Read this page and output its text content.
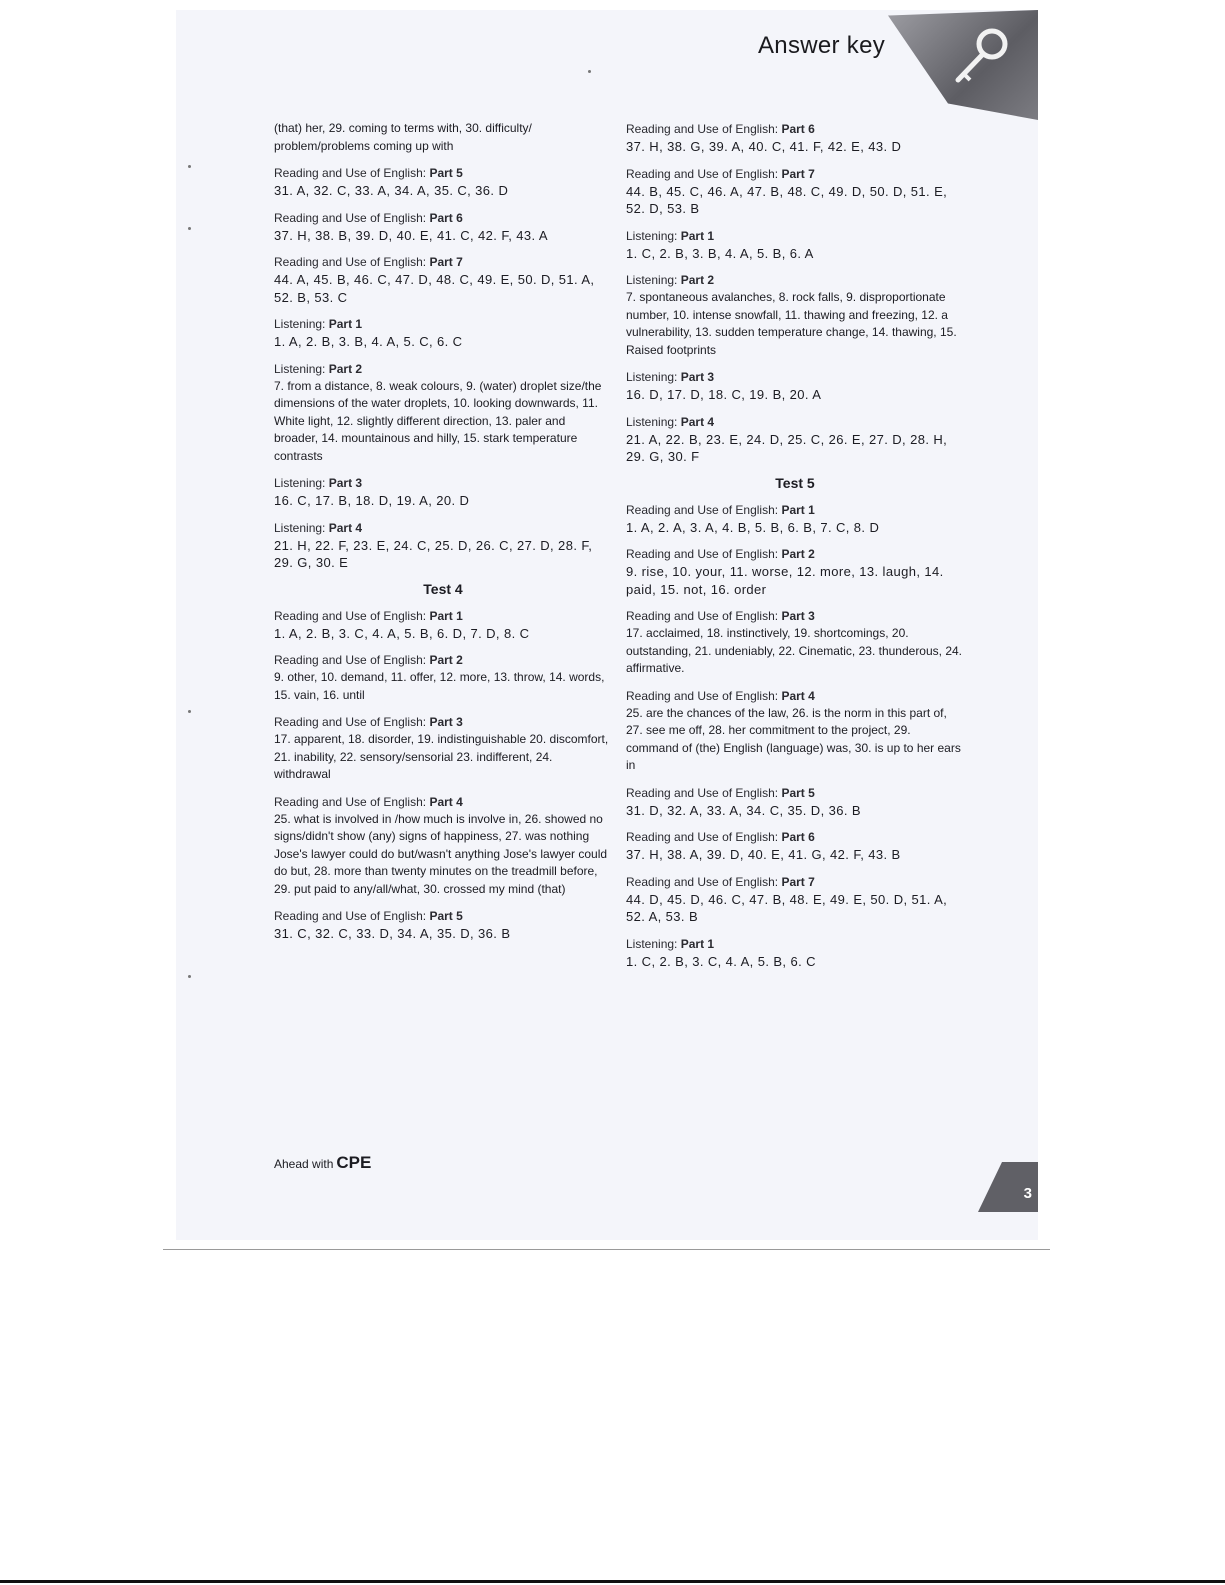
Answer key
(that) her, 29. coming to terms with, 30. difficulty/ problem/problems coming up with
Reading and Use of English: Part 5
31. A, 32. C, 33. A, 34. A, 35. C, 36. D
Reading and Use of English: Part 6
37. H, 38. B, 39. D, 40. E, 41. C, 42. F, 43. A
Reading and Use of English: Part 7
44. A, 45. B, 46. C, 47. D, 48. C, 49. E, 50. D, 51. A, 52. B, 53. C
Listening: Part 1
1. A, 2. B, 3. B, 4. A, 5. C, 6. C
Listening: Part 2
7. from a distance, 8. weak colours, 9. (water) droplet size/the dimensions of the water droplets, 10. looking downwards, 11. White light, 12. slightly different direction, 13. paler and broader, 14. mountainous and hilly, 15. stark temperature contrasts
Listening: Part 3
16. C, 17. B, 18. D, 19. A, 20. D
Listening: Part 4
21. H, 22. F, 23. E, 24. C, 25. D, 26. C, 27. D, 28. F, 29. G, 30. E
Test 4
Reading and Use of English: Part 1
1. A, 2. B, 3. C, 4. A, 5. B, 6. D, 7. D, 8. C
Reading and Use of English: Part 2
9. other, 10. demand, 11. offer, 12. more, 13. throw, 14. words, 15. vain, 16. until
Reading and Use of English: Part 3
17. apparent, 18. disorder, 19. indistinguishable 20. discomfort, 21. inability, 22. sensory/sensorial 23. indifferent, 24. withdrawal
Reading and Use of English: Part 4
25. what is involved in /how much is involve in, 26. showed no signs/didn't show (any) signs of happiness, 27. was nothing Jose's lawyer could do but/wasn't anything Jose's lawyer could do but, 28. more than twenty minutes on the treadmill before, 29. put paid to any/all/what, 30. crossed my mind (that)
Reading and Use of English: Part 5
31. C, 32. C, 33. D, 34. A, 35. D, 36. B
Reading and Use of English: Part 6
37. H, 38. G, 39. A, 40. C, 41. F, 42. E, 43. D
Reading and Use of English: Part 7
44. B, 45. C, 46. A, 47. B, 48. C, 49. D, 50. D, 51. E, 52. D, 53. B
Listening: Part 1
1. C, 2. B, 3. B, 4. A, 5. B, 6. A
Listening: Part 2
7. spontaneous avalanches, 8. rock falls, 9. disproportionate number, 10. intense snowfall, 11. thawing and freezing, 12. a vulnerability, 13. sudden temperature change, 14. thawing, 15. Raised footprints
Listening: Part 3
16. D, 17. D, 18. C, 19. B, 20. A
Listening: Part 4
21. A, 22. B, 23. E, 24. D, 25. C, 26. E, 27. D, 28. H, 29. G, 30. F
Test 5
Reading and Use of English: Part 1
1. A, 2. A, 3. A, 4. B, 5. B, 6. B, 7. C, 8. D
Reading and Use of English: Part 2
9. rise, 10. your, 11. worse, 12. more, 13. laugh, 14. paid, 15. not, 16. order
Reading and Use of English: Part 3
17. acclaimed, 18. instinctively, 19. shortcomings, 20. outstanding, 21. undeniably, 22. Cinematic, 23. thunderous, 24. affirmative.
Reading and Use of English: Part 4
25. are the chances of the law, 26. is the norm in this part of, 27. see me off, 28. her commitment to the project, 29. command of (the) English (language) was, 30. is up to her ears in
Reading and Use of English: Part 5
31. D, 32. A, 33. A, 34. C, 35. D, 36. B
Reading and Use of English: Part 6
37. H, 38. A, 39. D, 40. E, 41. G, 42. F, 43. B
Reading and Use of English: Part 7
44. D, 45. D, 46. C, 47. B, 48. E, 49. E, 50. D, 51. A, 52. A, 53. B
Listening: Part 1
1. C, 2. B, 3. C, 4. A, 5. B, 6. C
Ahead with CPE
3
